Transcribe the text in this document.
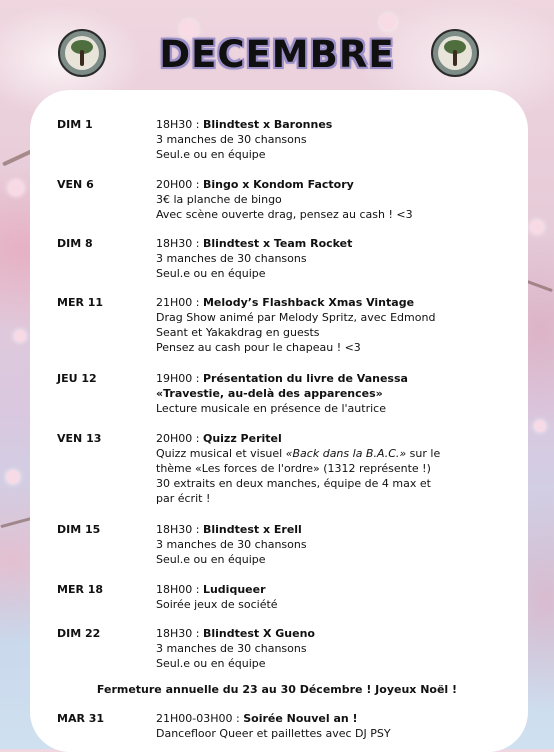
DECEMBRE
DIM 1	18H30 : Blindtest x Baronnes
3 manches de 30 chansons
Seul.e ou en équipe
VEN 6	20H00 : Bingo x Kondom Factory
3€ la planche de bingo
Avec scène ouverte drag, pensez au cash ! <3
DIM 8	18H30 : Blindtest x Team Rocket
3 manches de 30 chansons
Seul.e ou en équipe
MER 11	21H00 : Melody’s Flashback Xmas Vintage
Drag Show animé par Melody Spritz, avec Edmond
Seant et Yakakdrag en guests
Pensez au cash pour le chapeau ! <3
JEU 12	19H00 : Présentation du livre de Vanessa
«Travestie, au-delà des apparences»
Lecture musicale en présence de l'autrice
VEN 13	20H00 : Quizz Peritel
Quizz musical et visuel «Back dans la B.A.C.» sur le
thème «Les forces de l'ordre» (1312 représente !)
30 extraits en deux manches, équipe de 4 max et
par écrit !
DIM 15	18H30 : Blindtest x Erell
3 manches de 30 chansons
Seul.e ou en équipe
MER 18	18H00 : Ludiqueer
Soirée jeux de société
DIM 22	18H30 : Blindtest X Gueno
3 manches de 30 chansons
Seul.e ou en équipe
Fermeture annuelle du 23 au 30 Décembre ! Joyeux Noël !
MAR 31	21H00-03H00 : Soirée Nouvel an !
Dancefloor Queer et paillettes avec DJ PSY
